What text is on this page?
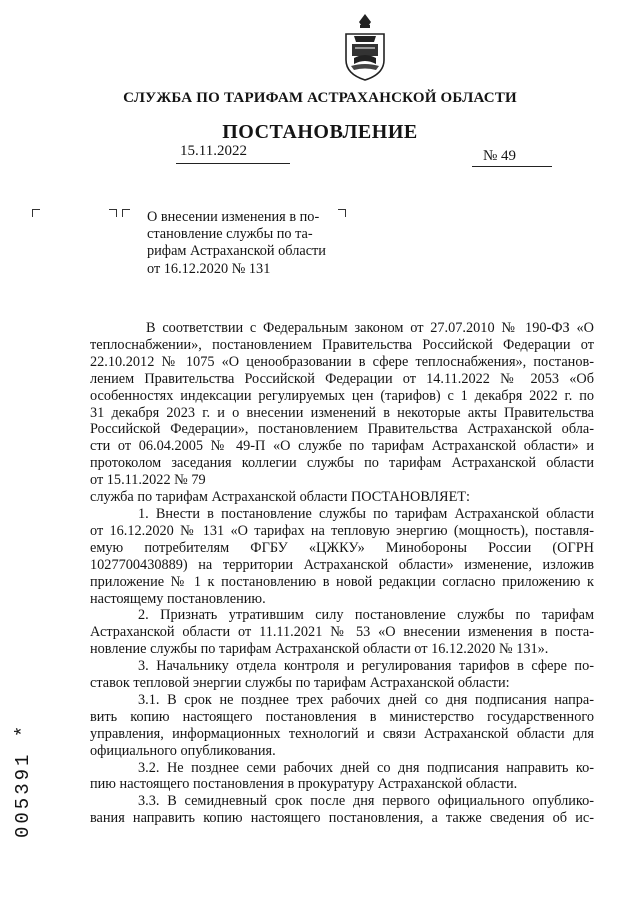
СЛУЖБА ПО ТАРИФАМ АСТРАХАНСКОЙ ОБЛАСТИ
ПОСТАНОВЛЕНИЕ
15.11.2022	№ 49
О внесении изменения в по-
становление службы по та-
рифам Астраханской области
от 16.12.2020 № 131
В соответствии с Федеральным законом от 27.07.2010 № 190-ФЗ «О
теплоснабжении», постановлением Правительства Российской Федерации от
22.10.2012 № 1075 «О ценообразовании в сфере теплоснабжения», постанов-
лением Правительства Российской Федерации от 14.11.2022 № 2053 «Об
особенностях индексации регулируемых цен (тарифов) с 1 декабря 2022 г. по
31 декабря 2023 г. и о внесении изменений в некоторые акты Правительства
Российской Федерации», постановлением Правительства Астраханской обла-
сти от 06.04.2005 № 49-П «О службе по тарифам Астраханской области» и
протоколом заседания коллегии службы по тарифам Астраханской области
от 15.11.2022 № 79
служба по тарифам Астраханской области ПОСТАНОВЛЯЕТ:
1. Внести в постановление службы по тарифам Астраханской области
от 16.12.2020 № 131 «О тарифах на тепловую энергию (мощность), поставля-
емую потребителям ФГБУ «ЦЖКУ» Минобороны России (ОГРН
1027700430889) на территории Астраханской области» изменение, изложив
приложение № 1 к постановлению в новой редакции согласно приложению к
настоящему постановлению.
2. Признать утратившим силу постановление службы по тарифам
Астраханской области от 11.11.2021 № 53 «О внесении изменения в поста-
новление службы по тарифам Астраханской области от 16.12.2020 № 131».
3. Начальнику отдела контроля и регулирования тарифов в сфере по-
ставок тепловой энергии службы по тарифам Астраханской области:
3.1. В срок не позднее трех рабочих дней со дня подписания напра-
вить копию настоящего постановления в министерство государственного
управления, информационных технологий и связи Астраханской области для
официального опубликования.
3.2. Не позднее семи рабочих дней со дня подписания направить ко-
пию настоящего постановления в прокуратуру Астраханской области.
3.3. В семидневный срок после дня первого официального опублико-
вания направить копию настоящего постановления, а также сведения об ис-
005391 *
